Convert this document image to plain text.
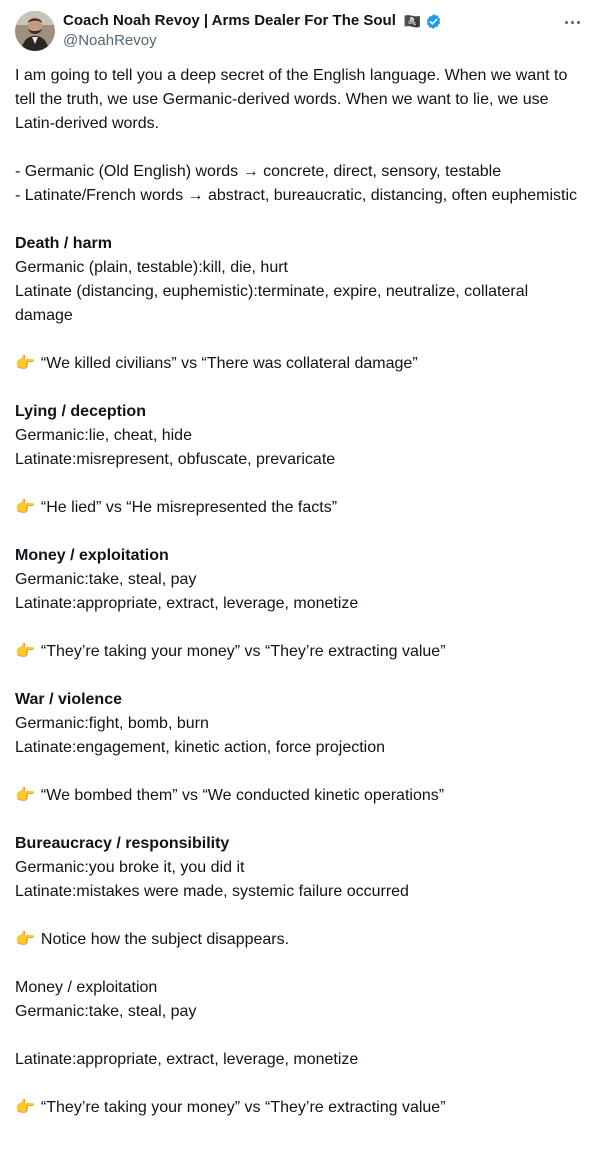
Coach Noah Revoy | Arms Dealer For The Soul 🏴‍☠️
@NoahRevoy

I am going to tell you a deep secret of the English language. When we want to tell the truth, we use Germanic-derived words. When we want to lie, we use Latin-derived words.

- Germanic (Old English) words → concrete, direct, sensory, testable

- Latinate/French words → abstract, bureaucratic, distancing, often euphemistic

Death / harm

Germanic (plain, testable):kill, die, hurt

Latinate (distancing, euphemistic):terminate, expire, neutralize, collateral damage

👉 “We killed civilians” vs “There was collateral damage”

Lying / deception

Germanic:lie, cheat, hide

Latinate:misrepresent, obfuscate, prevaricate

👉 “He lied” vs “He misrepresented the facts”

Money / exploitation

Germanic:take, steal, pay

Latinate:appropriate, extract, leverage, monetize

👉 “They’re taking your money” vs “They’re extracting value”

War / violence

Germanic:fight, bomb, burn

Latinate:engagement, kinetic action, force projection

👉 “We bombed them” vs “We conducted kinetic operations”

Bureaucracy / responsibility

Germanic:you broke it, you did it

Latinate:mistakes were made, systemic failure occurred

👉 Notice how the subject disappears.

Money / exploitation

Germanic:take, steal, pay

Latinate:appropriate, extract, leverage, monetize

👉 “They’re taking your money” vs “They’re extracting value”
